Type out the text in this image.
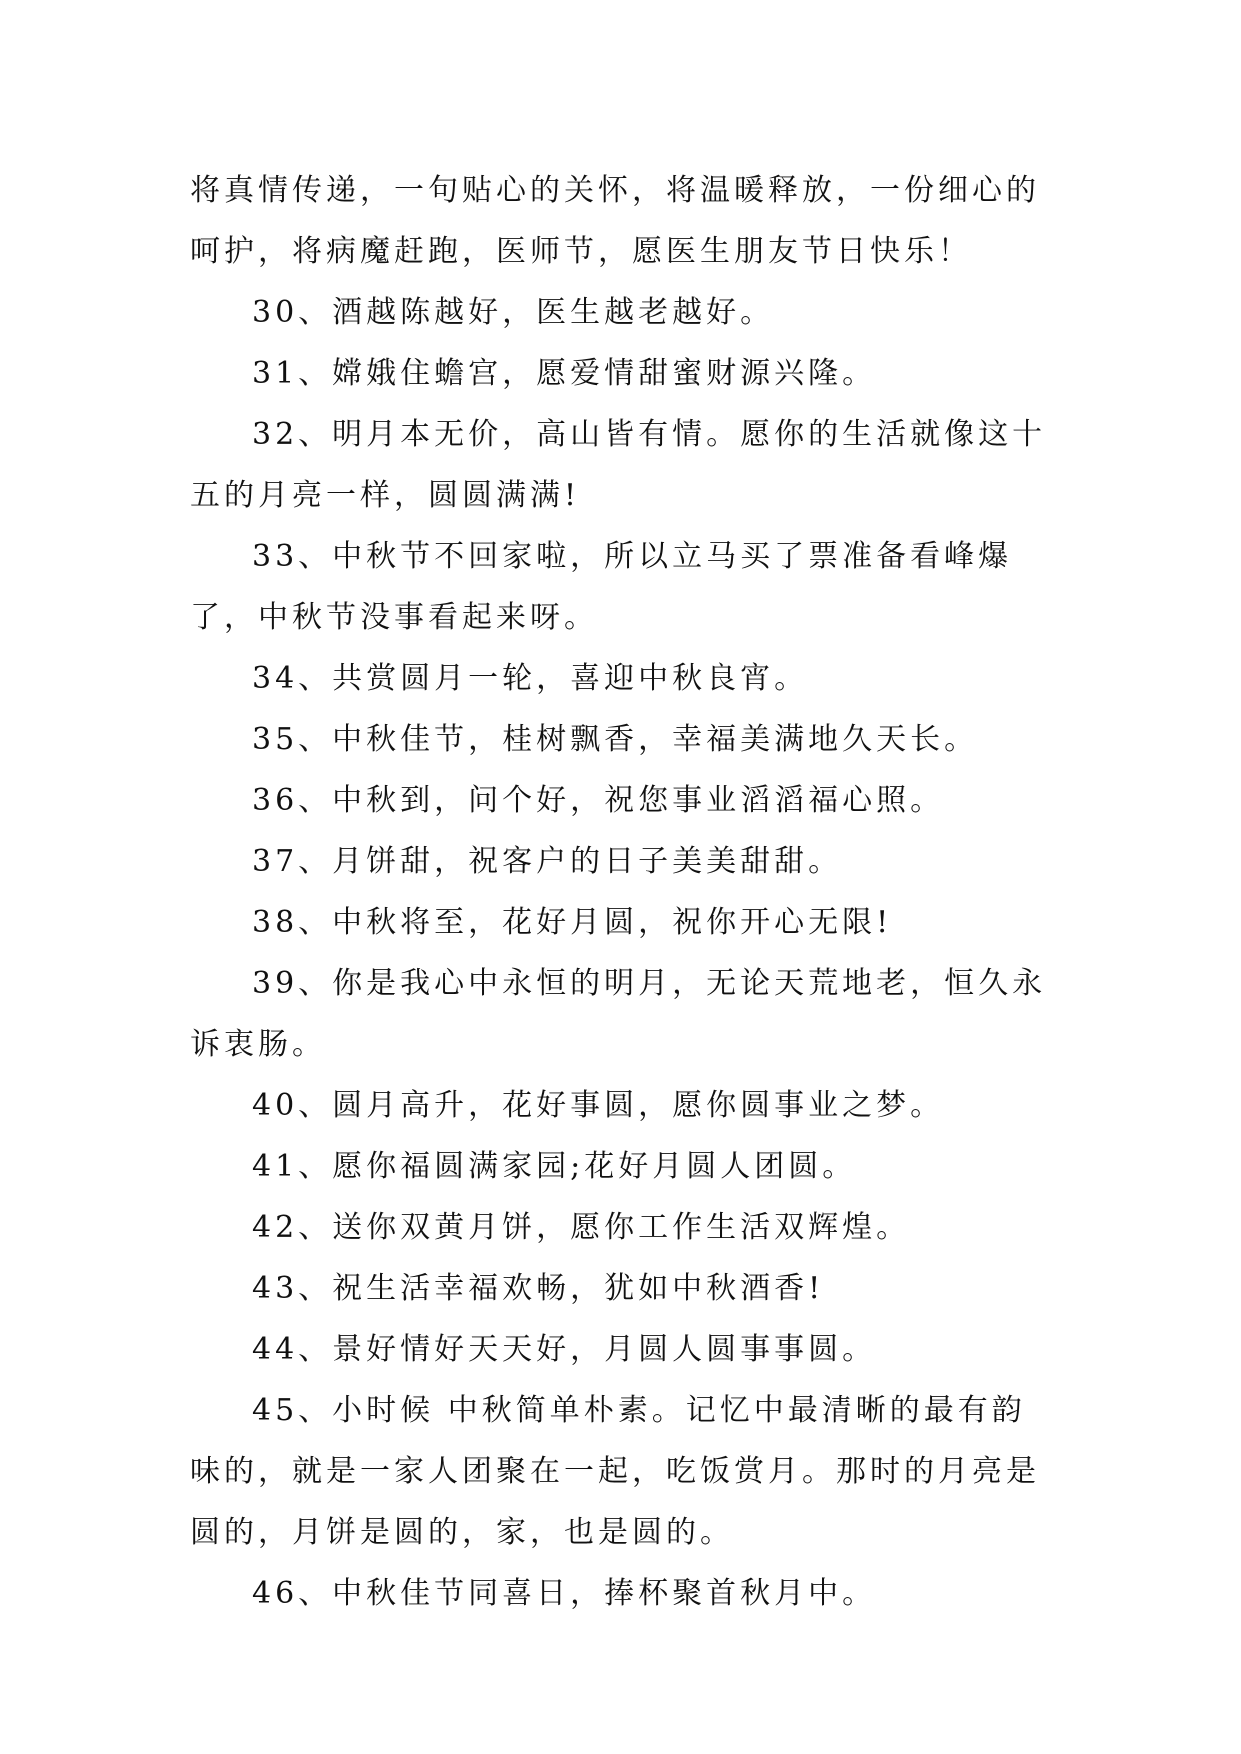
将真情传递，一句贴心的关怀，将温暖释放，一份细心的呵护，将病魔赶跑，医师节，愿医生朋友节日快乐！

30、酒越陈越好，医生越老越好。

31、嫦娥住蟾宫，愿爱情甜蜜财源兴隆。

32、明月本无价，高山皆有情。愿你的生活就像这十五的月亮一样，圆圆满满!

33、中秋节不回家啦，所以立马买了票准备看峰爆了，中秋节没事看起来呀。

34、共赏圆月一轮，喜迎中秋良宵。

35、中秋佳节，桂树飘香，幸福美满地久天长。

36、中秋到，问个好，祝您事业滔滔福心照。

37、月饼甜，祝客户的日子美美甜甜。

38、中秋将至，花好月圆，祝你开心无限!

39、你是我心中永恒的明月，无论天荒地老，恒久永诉衷肠。

40、圆月高升，花好事圆，愿你圆事业之梦。

41、愿你福圆满家园;花好月圆人团圆。

42、送你双黄月饼，愿你工作生活双辉煌。

43、祝生活幸福欢畅，犹如中秋酒香!

44、景好情好天天好，月圆人圆事事圆。

45、小时候 中秋简单朴素。记忆中最清晰的最有韵味的，就是一家人团聚在一起，吃饭赏月。那时的月亮是圆的，月饼是圆的，家，也是圆的。

46、中秋佳节同喜日，捧杯聚首秋月中。
